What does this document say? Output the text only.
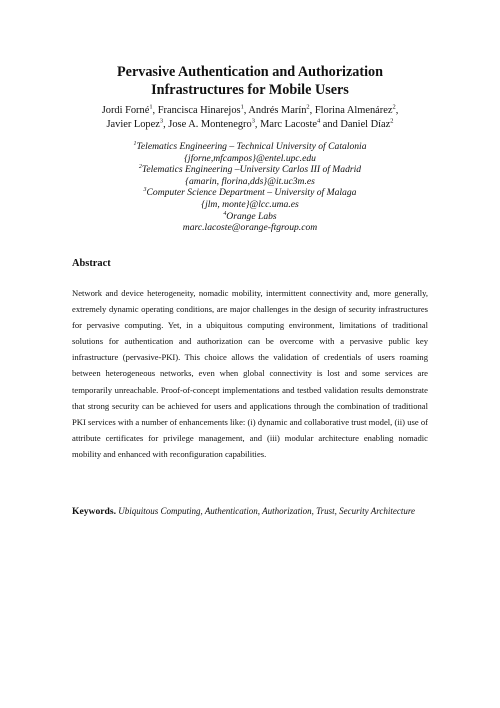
Pervasive Authentication and Authorization
Infrastructures for Mobile Users
Jordi Forné$^1$, Francisca Hinarejos$^1$, Andrés Marín$^2$, Florina Almenárez$^2$,
Javier Lopez$^3$, Jose A. Montenegro$^3$, Marc Lacoste$^4$ and Daniel Díaz$^2$
$^1$Telematics Engineering – Technical University of Catalonia
{jforne,mfcampos}@entel.upc.edu
$^2$Telematics Engineering –University Carlos III of Madrid
{amarin, florina,dds}@it.uc3m.es
$^3$Computer Science Department – University of Malaga
{jlm, monte}@lcc.uma.es
$^4$Orange Labs
marc.lacoste@orange-ftgroup.com
Abstract
Network and device heterogeneity, nomadic mobility, intermittent connectivity and, more generally, extremely dynamic operating conditions, are major challenges in the design of security infrastructures for pervasive computing. Yet, in a ubiquitous computing environment, limitations of traditional solutions for authentication and authorization can be overcome with a pervasive public key infrastructure (pervasive-PKI). This choice allows the validation of credentials of users roaming between heterogeneous networks, even when global connectivity is lost and some services are temporarily unreachable. Proof-of-concept implementations and testbed validation results demonstrate that strong security can be achieved for users and applications through the combination of traditional PKI services with a number of enhancements like: (i) dynamic and collaborative trust model, (ii) use of attribute certificates for privilege management, and (iii) modular architecture enabling nomadic mobility and enhanced with reconfiguration capabilities.
Keywords. Ubiquitous Computing, Authentication, Authorization, Trust, Security Architecture
